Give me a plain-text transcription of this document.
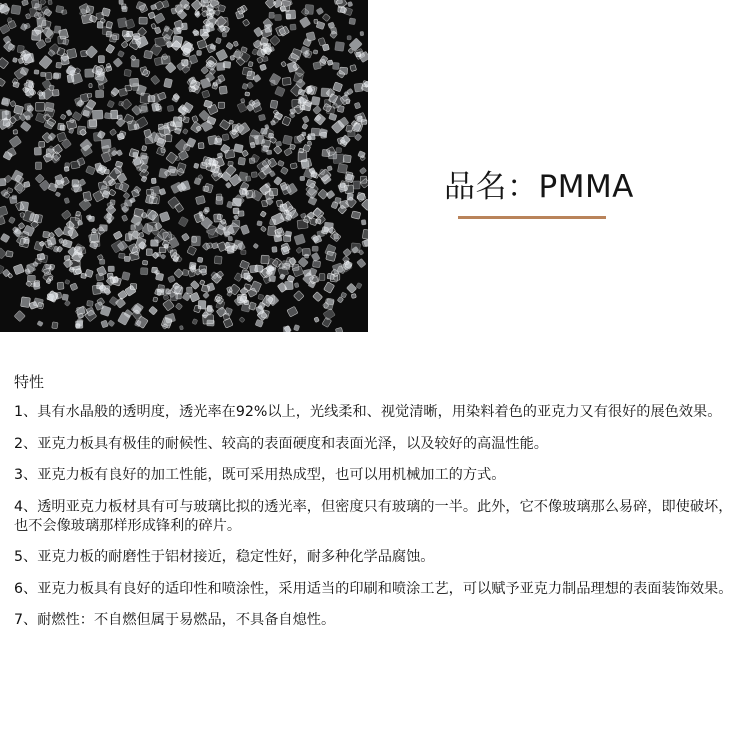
品名：PMMA
特性
1、具有水晶般的透明度，透光率在92%以上，光线柔和、视觉清晰，用染料着色的亚克力又有很好的展色效果。
2、亚克力板具有极佳的耐候性、较高的表面硬度和表面光泽，以及较好的高温性能。
3、亚克力板有良好的加工性能，既可采用热成型，也可以用机械加工的方式。
4、透明亚克力板材具有可与玻璃比拟的透光率，但密度只有玻璃的一半。此外，它不像玻璃那么易碎，即使破坏，也不会像玻璃那样形成锋利的碎片。
5、亚克力板的耐磨性于铝材接近，稳定性好，耐多种化学品腐蚀。
6、亚克力板具有良好的适印性和喷涂性，采用适当的印刷和喷涂工艺，可以赋予亚克力制品理想的表面装饰效果。
7、耐燃性：不自燃但属于易燃品，不具备自熄性。
